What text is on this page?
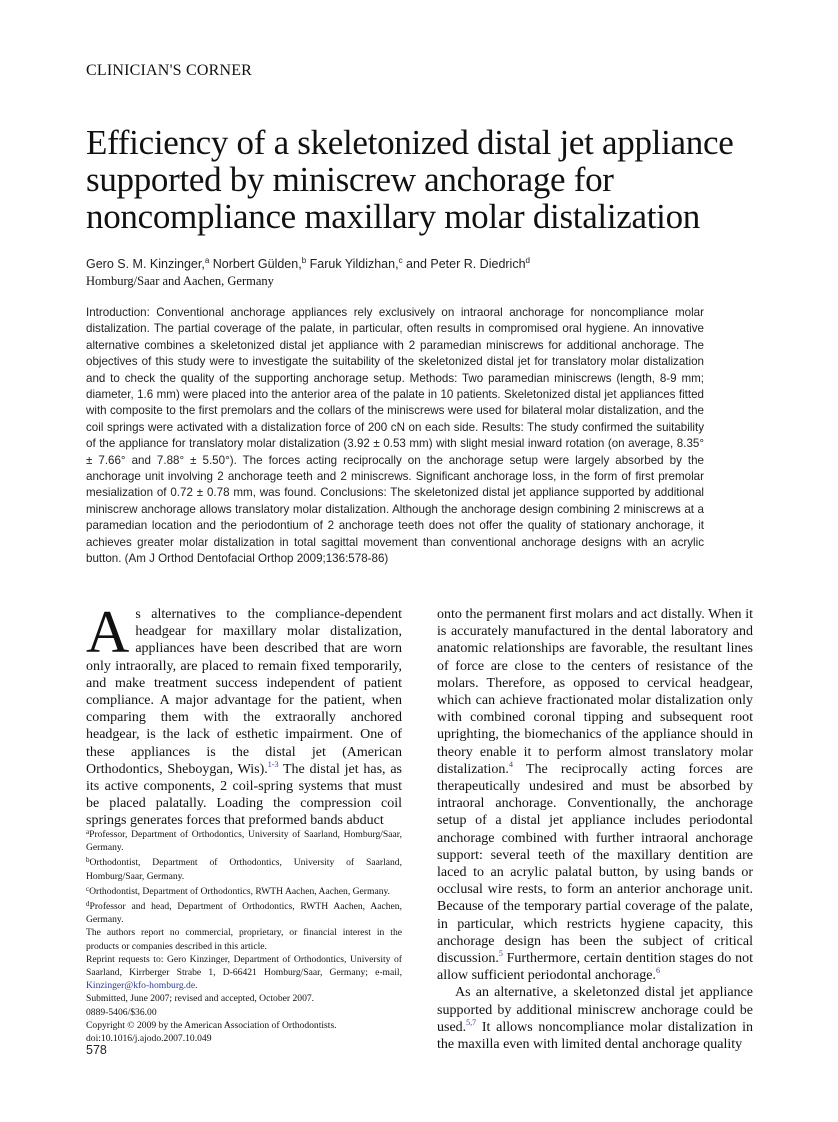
CLINICIAN'S CORNER
Efficiency of a skeletonized distal jet appliance
supported by miniscrew anchorage for
noncompliance maxillary molar distalization
Gero S. M. Kinzinger,$^a$ Norbert Gülden,$^b$ Faruk Yildizhan,$^c$ and Peter R. Diedrich$^d$
Homburg/Saar and Aachen, Germany
Introduction: Conventional anchorage appliances rely exclusively on intraoral anchorage for noncompliance molar distalization. The partial coverage of the palate, in particular, often results in compromised oral hygiene. An innovative alternative combines a skeletonized distal jet appliance with 2 paramedian miniscrews for additional anchorage. The objectives of this study were to investigate the suitability of the skeletonized distal jet for translatory molar distalization and to check the quality of the supporting anchorage setup. Methods: Two paramedian miniscrews (length, 8-9 mm; diameter, 1.6 mm) were placed into the anterior area of the palate in 10 patients. Skeletonized distal jet appliances fitted with composite to the first premolars and the collars of the miniscrews were used for bilateral molar distalization, and the coil springs were activated with a distalization force of 200 cN on each side. Results: The study confirmed the suitability of the appliance for translatory molar distalization (3.92 ± 0.53 mm) with slight mesial inward rotation (on average, 8.35° ± 7.66° and 7.88° ± 5.50°). The forces acting reciprocally on the anchorage setup were largely absorbed by the anchorage unit involving 2 anchorage teeth and 2 miniscrews. Significant anchorage loss, in the form of first premolar mesialization of 0.72 ± 0.78 mm, was found. Conclusions: The skeletonized distal jet appliance supported by additional miniscrew anchorage allows translatory molar distalization. Although the anchorage design combining 2 miniscrews at a paramedian location and the periodontium of 2 anchorage teeth does not offer the quality of stationary anchorage, it achieves greater molar distalization in total sagittal movement than conventional anchorage designs with an acrylic button. (Am J Orthod Dentofacial Orthop 2009;136:578-86)

As alternatives to the compliance-dependent headgear for maxillary molar distalization, appliances have been described that are worn only intraorally, are placed to remain fixed temporarily, and make treatment success independent of patient compliance. A major advantage for the patient, when comparing them with the extraorally anchored headgear, is the lack of esthetic impairment. One of these appliances is the distal jet (American Orthodontics, Sheboygan, Wis).$^{1-3}$ The distal jet has, as its active components, 2 coil-spring systems that must be placed palatally. Loading the compression coil springs generates forces that preformed bands abduct

$^a$Professor, Department of Orthodontics, University of Saarland, Homburg/Saar, Germany.

$^b$Orthodontist, Department of Orthodontics, University of Saarland, Homburg/Saar, Germany.

$^c$Orthodontist, Department of Orthodontics, RWTH Aachen, Aachen, Germany.

$^d$Professor and head, Department of Orthodontics, RWTH Aachen, Aachen, Germany.

The authors report no commercial, proprietary, or financial interest in the products or companies described in this article.

Reprint requests to: Gero Kinzinger, Department of Orthodontics, University of Saarland, Kirrberger Strabe 1, D-66421 Homburg/Saar, Germany; e-mail, Kinzinger@kfo-homburg.de.

Submitted, June 2007; revised and accepted, October 2007.

0889-5406/$36.00

Copyright © 2009 by the American Association of Orthodontists.

doi:10.1016/j.ajodo.2007.10.049

onto the permanent first molars and act distally. When it is accurately manufactured in the dental laboratory and anatomic relationships are favorable, the resultant lines of force are close to the centers of resistance of the molars. Therefore, as opposed to cervical headgear, which can achieve fractionated molar distalization only with combined coronal tipping and subsequent root uprighting, the biomechanics of the appliance should in theory enable it to perform almost translatory molar distalization.$^4$ The reciprocally acting forces are therapeutically undesired and must be absorbed by intraoral anchorage. Conventionally, the anchorage setup of a distal jet appliance includes periodontal anchorage combined with further intraoral anchorage support: several teeth of the maxillary dentition are laced to an acrylic palatal button, by using bands or occlusal wire rests, to form an anterior anchorage unit. Because of the temporary partial coverage of the palate, in particular, which restricts hygiene capacity, this anchorage design has been the subject of critical discussion.$^5$ Furthermore, certain dentition stages do not allow sufficient periodontal anchorage.$^6$

As an alternative, a skeletonzed distal jet appliance supported by additional miniscrew anchorage could be used.$^{5,7}$ It allows noncompliance molar distalization in the maxilla even with limited dental anchorage quality

578
